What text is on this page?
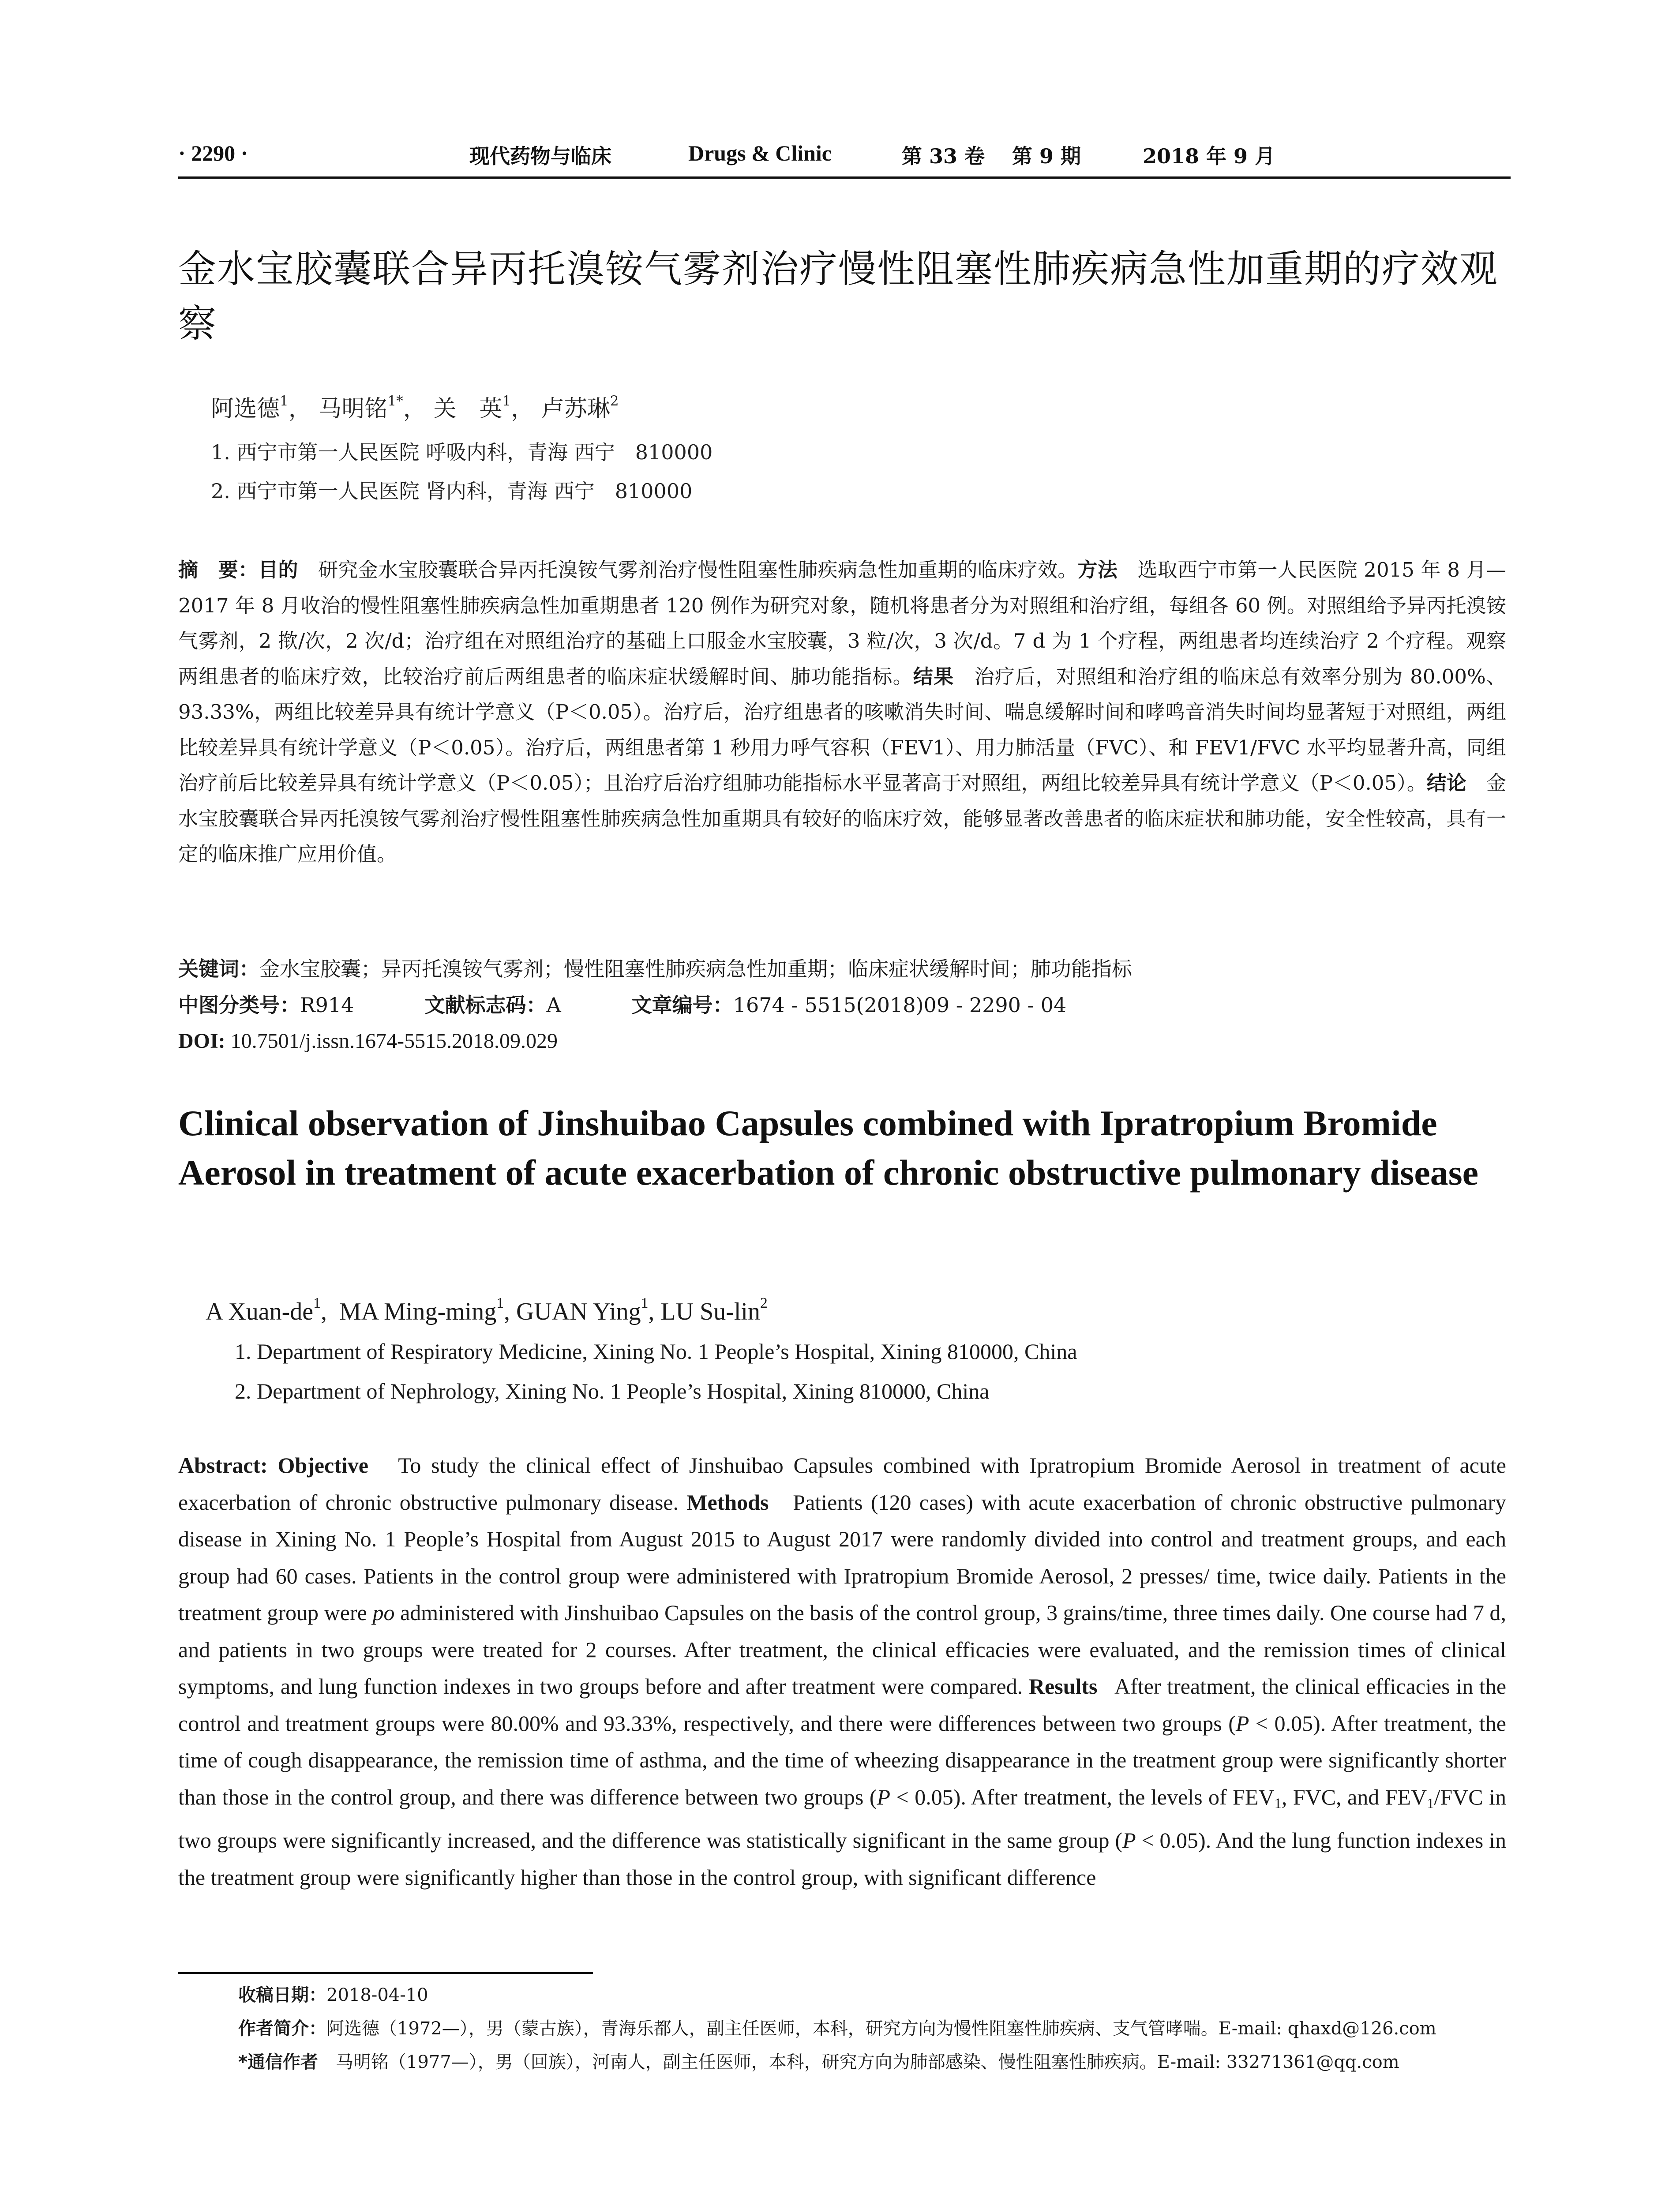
· 2290 ·	现代药物与临床	Drugs & Clinic	第 33 卷 第 9 期	2018 年 9 月
金水宝胶囊联合异丙托溴铵气雾剂治疗慢性阻塞性肺疾病急性加重期的疗效观察
阿选德$^1$， 马明铭$^{1*}$， 关　英$^1$， 卢苏琳$^2$
1. 西宁市第一人民医院 呼吸内科，青海 西宁　810000
2. 西宁市第一人民医院 肾内科，青海 西宁　810000

摘　要：目的　 研究金水宝胶囊联合异丙托溴铵气雾剂治疗慢性阻塞性肺疾病急性加重期的临床疗效。方法　 选取西宁市第一人民医院 2015 年 8 月—2017 年 8 月收治的慢性阻塞性肺疾病急性加重期患者 120 例作为研究对象，随机将患者分为对照组和治疗组，每组各 60 例。对照组给予异丙托溴铵气雾剂，2 揿/次，2 次/d；治疗组在对照组治疗的基础上口服金水宝胶囊，3 粒/次，3 次/d。7 d 为 1 个疗程，两组患者均连续治疗 2 个疗程。观察两组患者的临床疗效，比较治疗前后两组患者的临床症状缓解时间、肺功能指标。结果　 治疗后，对照组和治疗组的临床总有效率分别为 80.00%、93.33%，两组比较差异具有统计学意义（P＜0.05）。治疗后，治疗组患者的咳嗽消失时间、喘息缓解时间和哮鸣音消失时间均显著短于对照组，两组比较差异具有统计学意义（P＜0.05）。治疗后，两组患者第 1 秒用力呼气容积（FEV1）、用力肺活量（FVC）、和 FEV1/FVC 水平均显著升高，同组治疗前后比较差异具有统计学意义（P＜0.05）；且治疗后治疗组肺功能指标水平显著高于对照组，两组比较差异具有统计学意义（P＜0.05）。结论　 金水宝胶囊联合异丙托溴铵气雾剂治疗慢性阻塞性肺疾病急性加重期具有较好的临床疗效，能够显著改善患者的临床症状和肺功能，安全性较高，具有一定的临床推广应用价值。

关键词：金水宝胶囊；异丙托溴铵气雾剂；慢性阻塞性肺疾病急性加重期；临床症状缓解时间；肺功能指标
中图分类号：R914	文献标志码：A	文章编号：1674 - 5515(2018)09 - 2290 - 04
DOI: 10.7501/j.issn.1674-5515.2018.09.029
Clinical observation of Jinshuibao Capsules combined with Ipratropium Bromide Aerosol in treatment of acute exacerbation of chronic obstructive pulmonary disease
A Xuan-$de^1$,  MA Ming-ming$^1$, GUAN Ying$^1$, LU Su-lin$^2$
1. Department of Respiratory Medicine, Xining No. 1 People’s Hospital, Xining 810000, China
2. Department of Nephrology, Xining No. 1 People’s Hospital, Xining 810000, China

Abstract: Objective To study the clinical effect of Jinshuibao Capsules combined with Ipratropium Bromide Aerosol in treatment of acute exacerbation of chronic obstructive pulmonary disease. Methods Patients (120 cases) with acute exacerbation of chronic obstructive pulmonary disease in Xining No. 1 People’s Hospital from August 2015 to August 2017 were randomly divided into control and treatment groups, and each group had 60 cases. Patients in the control group were administered with Ipratropium Bromide Aerosol, 2 presses/ time, twice daily. Patients in the treatment group were po administered with Jinshuibao Capsules on the basis of the control group, 3 grains/time, three times daily. One course had 7 d, and patients in two groups were treated for 2 courses. After treatment, the clinical efficacies were evaluated, and the remission times of clinical symptoms, and lung function indexes in two groups before and after treatment were compared. Results After treatment, the clinical efficacies in the control and treatment groups were 80.00% and 93.33%, respectively, and there were differences between two groups (P < 0.05). After treatment, the time of cough disappearance, the remission time of asthma, and the time of wheezing disappearance in the treatment group were significantly shorter than those in the control group, and there was difference between two groups (P < 0.05). After treatment, the levels of $FEV_1$, FVC, and $FEV_1$/FVC in two groups were significantly increased, and the difference was statistically significant in the same group (P < 0.05). And the lung function indexes in the treatment group were significantly higher than those in the control group, with significant difference

收稿日期：2018-04-10
作者简介：阿选德（1972—），男（蒙古族），青海乐都人，副主任医师，本科，研究方向为慢性阻塞性肺疾病、支气管哮喘。E-mail: qhaxd@126.com
*通信作者　 马明铭（1977—），男（回族），河南人，副主任医师，本科，研究方向为肺部感染、慢性阻塞性肺疾病。E-mail: 33271361@qq.com
